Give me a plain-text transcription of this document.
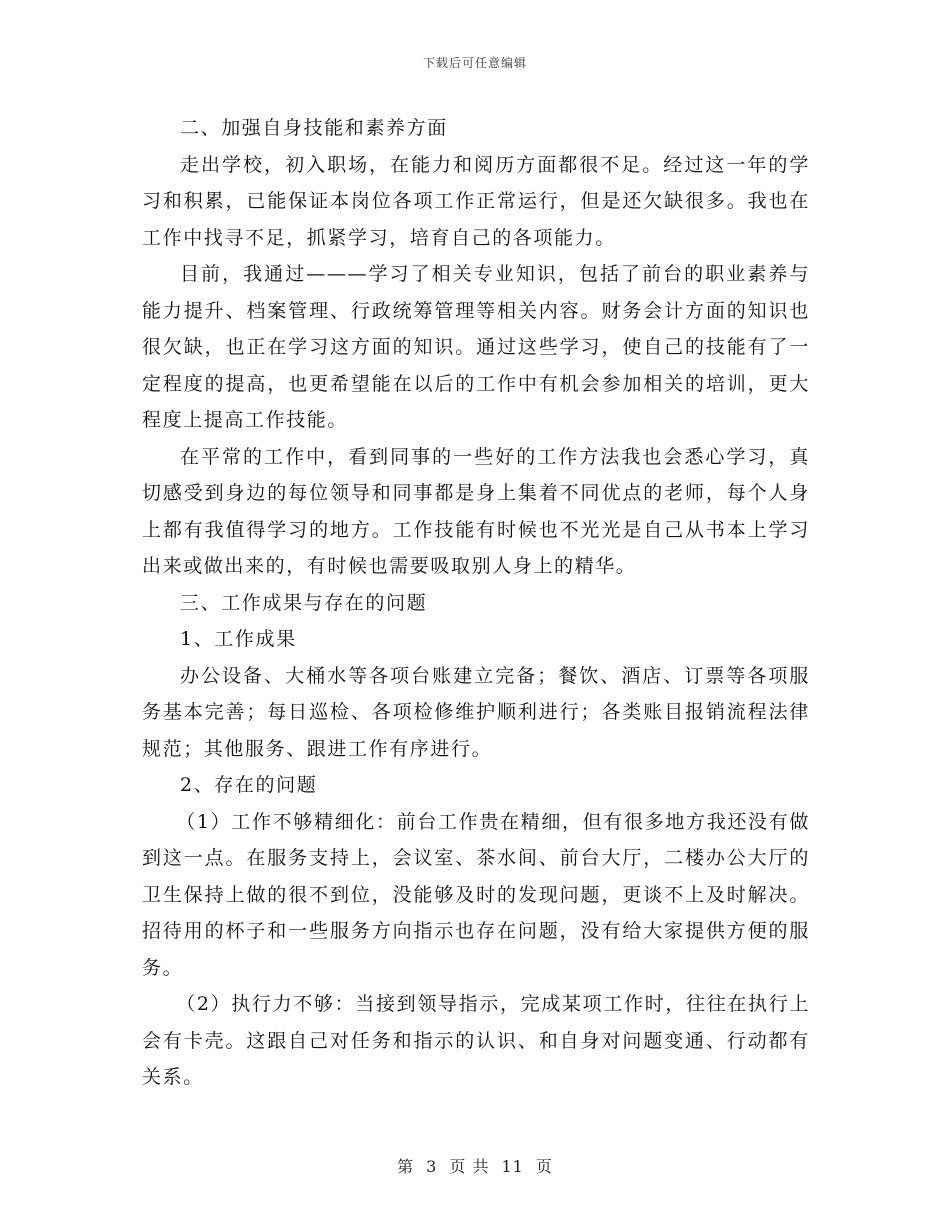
下载后可任意编辑

二、加强自身技能和素养方面

走出学校，初入职场，在能力和阅历方面都很不足。经过这一年的学习和积累，已能保证本岗位各项工作正常运行，但是还欠缺很多。我也在工作中找寻不足，抓紧学习，培育自己的各项能力。

目前，我通过———学习了相关专业知识，包括了前台的职业素养与能力提升、档案管理、行政统筹管理等相关内容。财务会计方面的知识也很欠缺，也正在学习这方面的知识。通过这些学习，使自己的技能有了一定程度的提高，也更希望能在以后的工作中有机会参加相关的培训，更大程度上提高工作技能。

在平常的工作中，看到同事的一些好的工作方法我也会悉心学习，真切感受到身边的每位领导和同事都是身上集着不同优点的老师，每个人身上都有我值得学习的地方。工作技能有时候也不光光是自己从书本上学习出来或做出来的，有时候也需要吸取别人身上的精华。

三、工作成果与存在的问题

1、工作成果

办公设备、大桶水等各项台账建立完备；餐饮、酒店、订票等各项服务基本完善；每日巡检、各项检修维护顺利进行；各类账目报销流程法律规范；其他服务、跟进工作有序进行。

2、存在的问题

（1）工作不够精细化：前台工作贵在精细，但有很多地方我还没有做到这一点。在服务支持上，会议室、茶水间、前台大厅，二楼办公大厅的卫生保持上做的很不到位，没能够及时的发现问题，更谈不上及时解决。招待用的杯子和一些服务方向指示也存在问题，没有给大家提供方便的服务。

（2）执行力不够：当接到领导指示，完成某项工作时，往往在执行上会有卡壳。这跟自己对任务和指示的认识、和自身对问题变通、行动都有关系。

第 3 页 共 11 页
